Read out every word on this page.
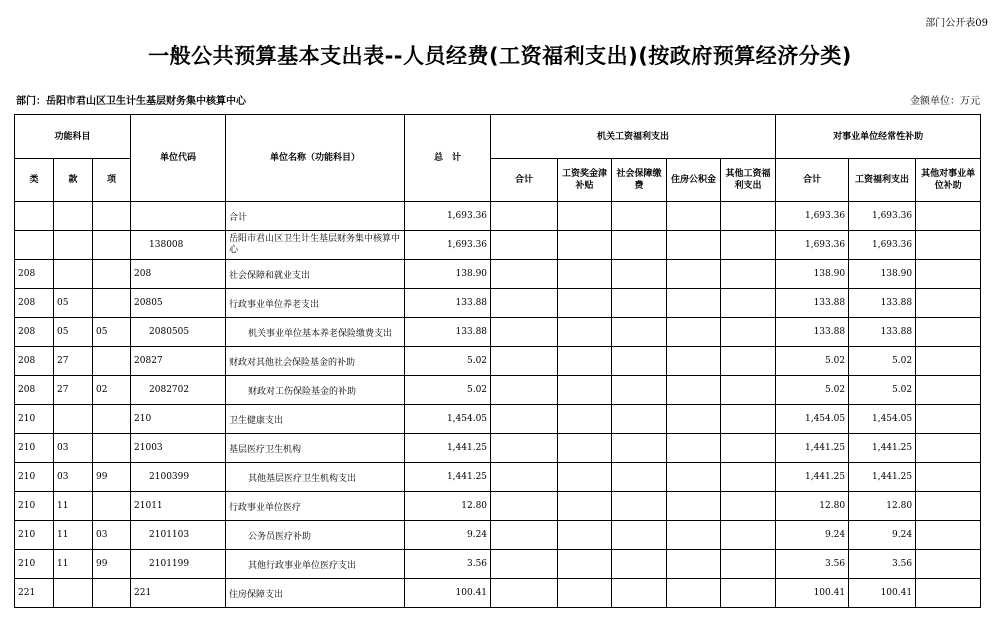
部门公开表09
一般公共预算基本支出表--人员经费(工资福利支出)(按政府预算经济分类)
部门：岳阳市君山区卫生计生基层财务集中核算中心	金额单位：万元
功能科目			单位代码	单位名称（功能科目）	总　计	机关工资福利支出					对事业单位经常性补助		
类	款	项				合计	工资奖金津补贴	社会保障缴费	住房公积金	其他工资福利支出	合计	工资福利支出	其他对事业单位补助
				合计	1,693.36						1,693.36	1,693.36	
			138008	岳阳市君山区卫生计生基层财务集中核算中心	1,693.36						1,693.36	1,693.36	
208			208	社会保障和就业支出	138.90						138.90	138.90	
208	05		20805	行政事业单位养老支出	133.88						133.88	133.88	
208	05	05	2080505	机关事业单位基本养老保险缴费支出	133.88						133.88	133.88	
208	27		20827	财政对其他社会保险基金的补助	5.02						5.02	5.02	
208	27	02	2082702	财政对工伤保险基金的补助	5.02						5.02	5.02	
210			210	卫生健康支出	1,454.05						1,454.05	1,454.05	
210	03		21003	基层医疗卫生机构	1,441.25						1,441.25	1,441.25	
210	03	99	2100399	其他基层医疗卫生机构支出	1,441.25						1,441.25	1,441.25	
210	11		21011	行政事业单位医疗	12.80						12.80	12.80	
210	11	03	2101103	公务员医疗补助	9.24						9.24	9.24	
210	11	99	2101199	其他行政事业单位医疗支出	3.56						3.56	3.56	
221			221	住房保障支出	100.41						100.41	100.41	
